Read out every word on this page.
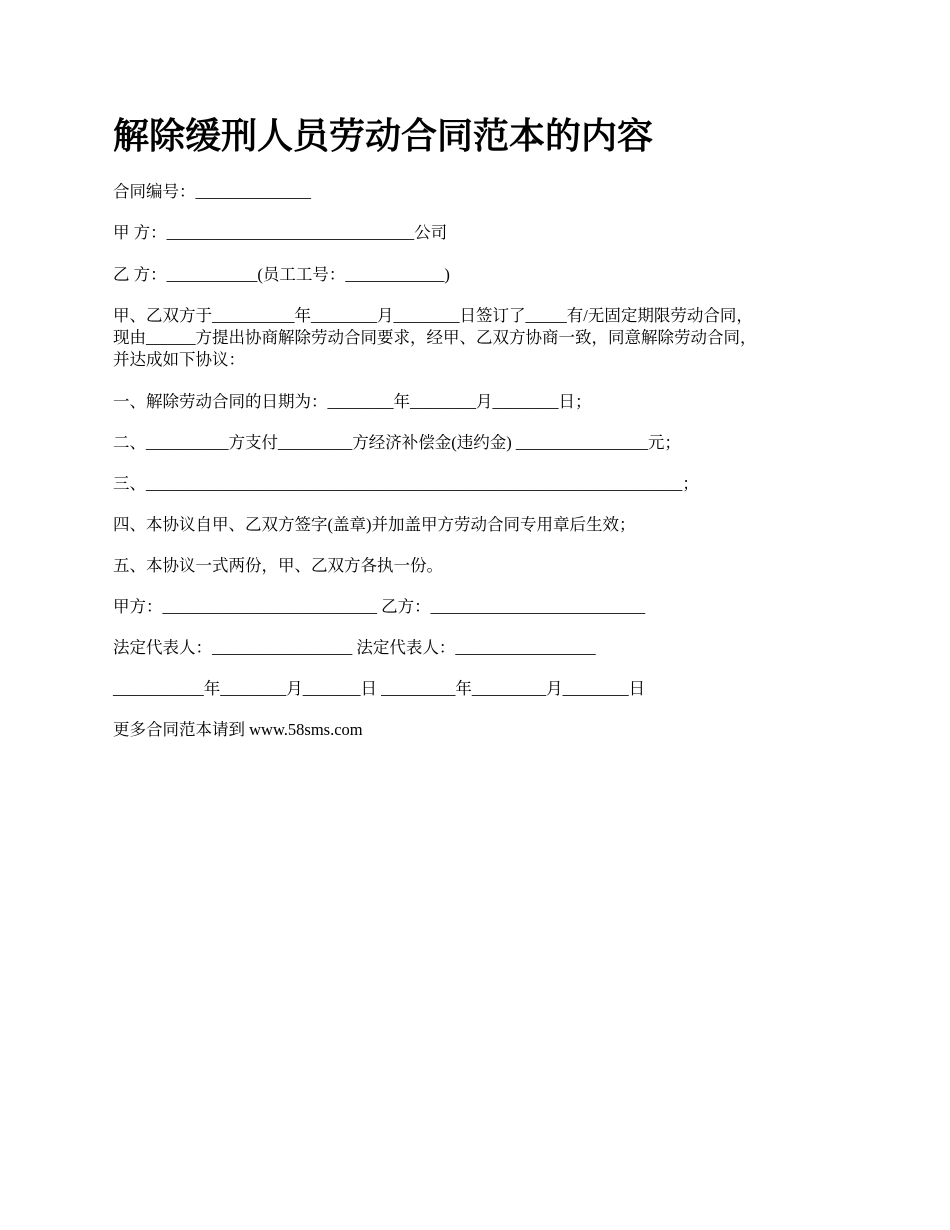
解除缓刑人员劳动合同范本的内容

合同编号：______________

甲 方：______________________________公司

乙 方：___________(员工工号：____________)

甲、乙双方于__________年________月________日签订了_____有/无固定期限劳动合同，
现由______方提出协商解除劳动合同要求，经甲、乙双方协商一致，同意解除劳动合同，
并达成如下协议：

一、解除劳动合同的日期为：________年________月________日；

二、__________方支付_________方经济补偿金(违约金) ________________元；

三、_________________________________________________________________；

四、本协议自甲、乙双方签字(盖章)并加盖甲方劳动合同专用章后生效；

五、本协议一式两份，甲、乙双方各执一份。

甲方：__________________________ 乙方：__________________________

法定代表人：_________________ 法定代表人：_________________

___________年________月_______日 _________年_________月________日

更多合同范本请到 www.58sms.com
